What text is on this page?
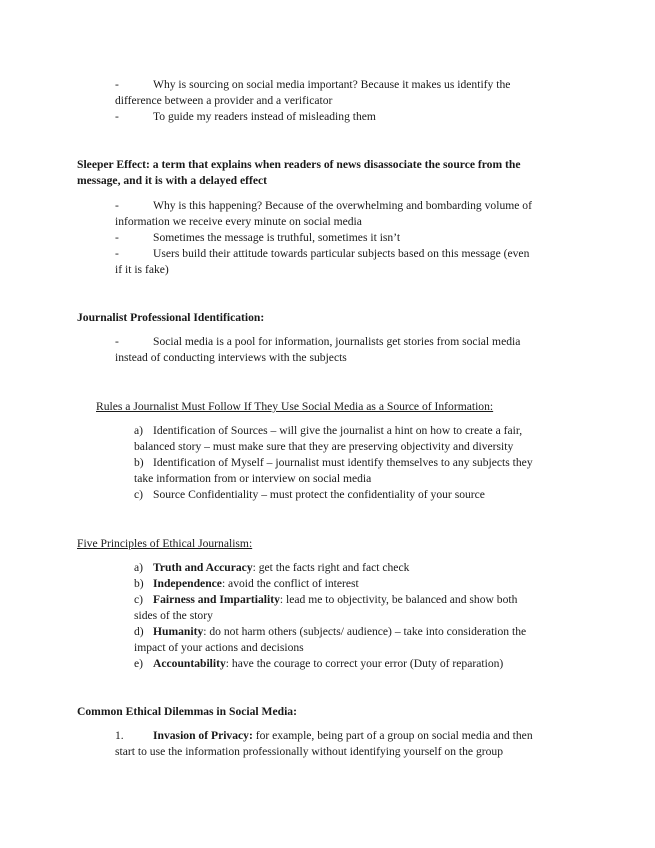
-	Why is sourcing on social media important? Because it makes us identify the
difference between a provider and a verificator
-	To guide my readers instead of misleading them
Sleeper Effect: a term that explains when readers of news disassociate the source from the
message, and it is with a delayed effect
-	Why is this happening? Because of the overwhelming and bombarding volume of
information we receive every minute on social media
-	Sometimes the message is truthful, sometimes it isn’t
-	Users build their attitude towards particular subjects based on this message (even
if it is fake)
Journalist Professional Identification:
-	Social media is a pool for information, journalists get stories from social media
instead of conducting interviews with the subjects
Rules a Journalist Must Follow If They Use Social Media as a Source of Information:
a) Identification of Sources – will give the journalist a hint on how to create a fair,
balanced story – must make sure that they are preserving objectivity and diversity
b) Identification of Myself – journalist must identify themselves to any subjects they
take information from or interview on social media
c) Source Confidentiality – must protect the confidentiality of your source
Five Principles of Ethical Journalism:
a) Truth and Accuracy: get the facts right and fact check
b) Independence: avoid the conflict of interest
c) Fairness and Impartiality: lead me to objectivity, be balanced and show both
sides of the story
d) Humanity: do not harm others (subjects/ audience) – take into consideration the
impact of your actions and decisions
e) Accountability: have the courage to correct your error (Duty of reparation)
Common Ethical Dilemmas in Social Media:
1.	Invasion of Privacy: for example, being part of a group on social media and then
start to use the information professionally without identifying yourself on the group
